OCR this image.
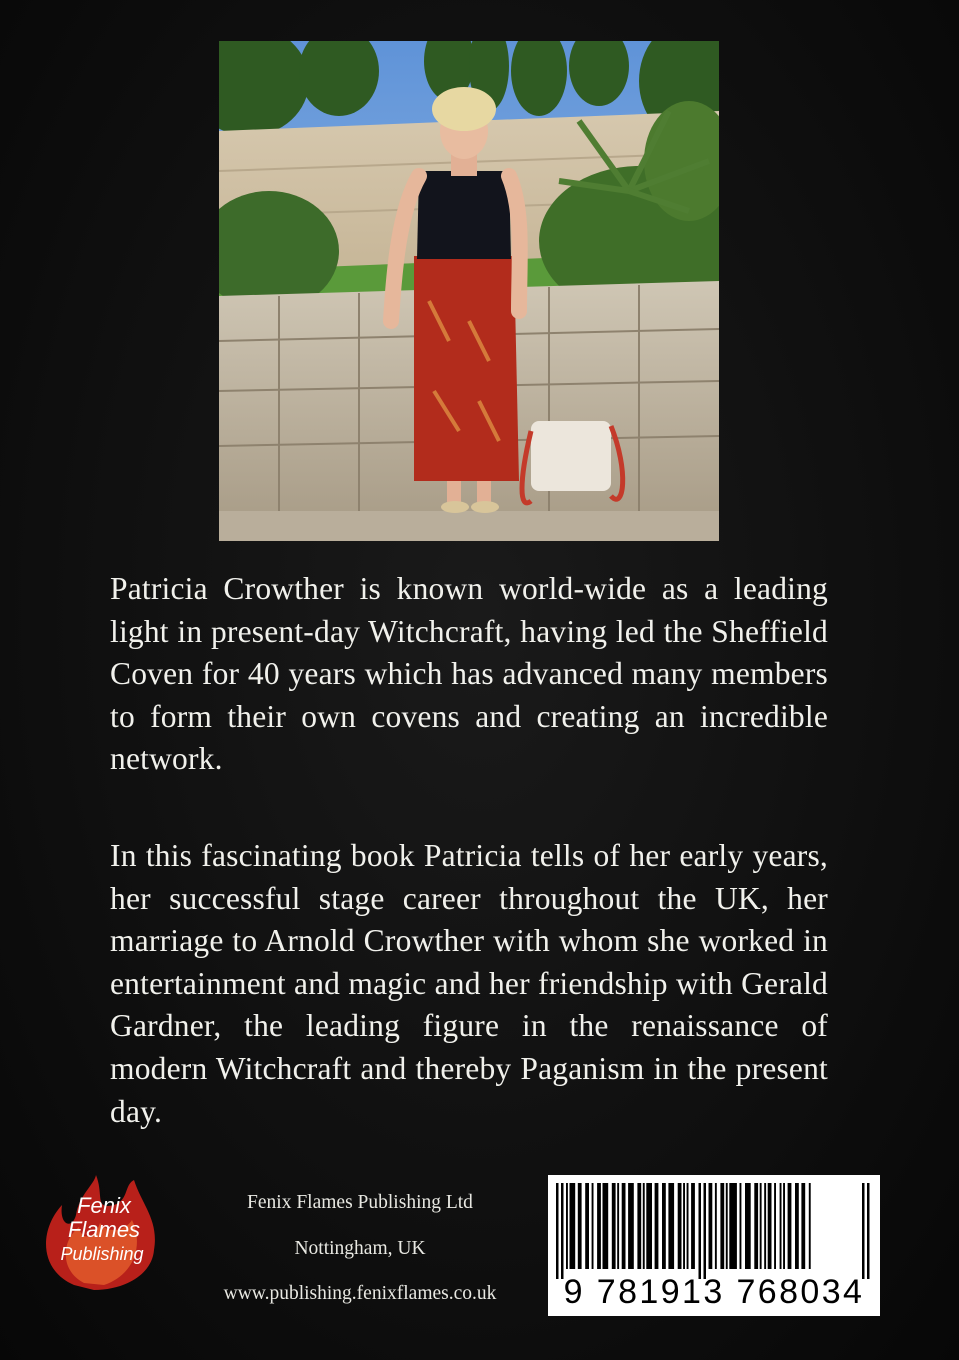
Patricia Crowther is known world-wide as a leading light in present-day Witchcraft, having led the Sheffield Coven for 40 years which has advanced many members to form their own covens and creating an incredible network.

In this fascinating book Patricia tells of her early years, her successful stage career throughout the UK, her marriage to Arnold Crowther with whom she worked in entertainment and magic and her friendship with Gerald Gardner, the leading figure in the renaissance of modern Witchcraft and thereby Paganism in the present day.

Fenix
Flames
Publishing
Fenix Flames Publishing Ltd
Nottingham, UK
www.publishing.fenixflames.co.uk	9 781913 768034
